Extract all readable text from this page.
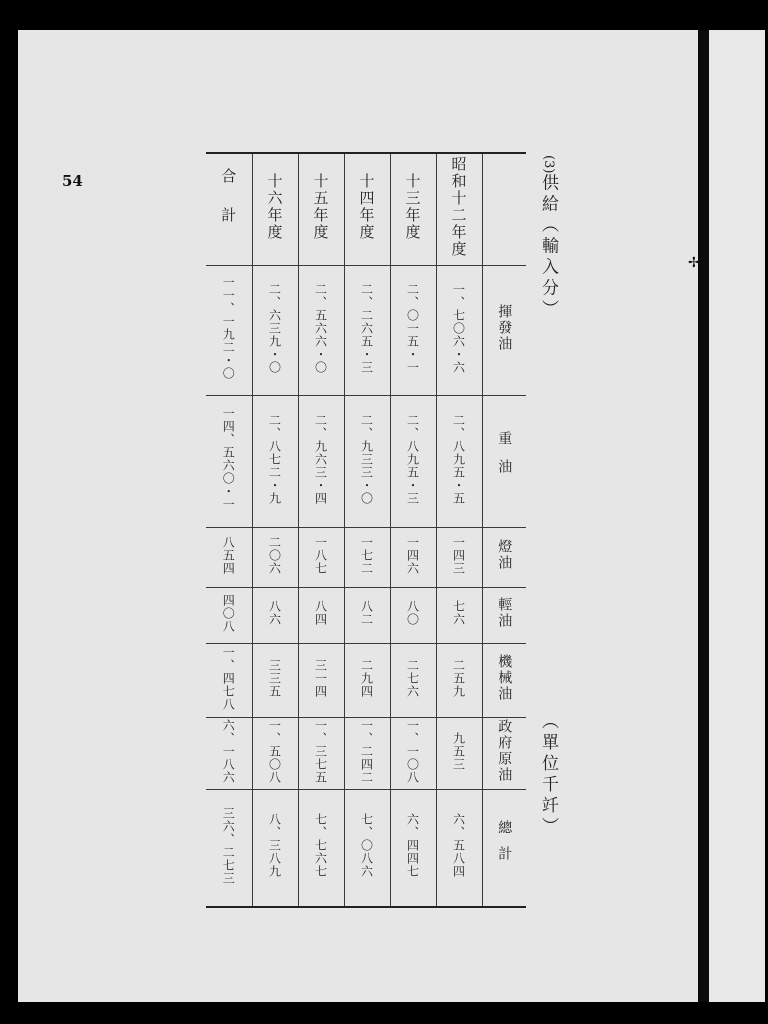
✢
54
(3)供給（輸入分）
（單位千竏）
合計	十六年度	十五年度	十四年度	十三年度	昭和十二年度	
一一、一九二・〇	二、六三九・〇	二、五六六・〇	二、二六五・三	二、〇一五・一	一、七〇六・六	揮發油
一四、五六〇・一	二、八七二・九	二、九六三・四	二、九三三・〇	二、八九五・三	二、八九五・五	重油
八五四	二〇六	一八七	一七二	一四六	一四三	燈油
四〇八	八六	八四	八二	八〇	七六	輕油
一、四七八	三三五	三一四	二九四	二七六	二五九	機械油
六、一八六	一、五〇八	一、三七五	一、二四二	一、一〇八	九五三	政府原油
三六、二七三	八、三八九	七、七六七	七、〇八六	六、四四七	六、五八四	總計
